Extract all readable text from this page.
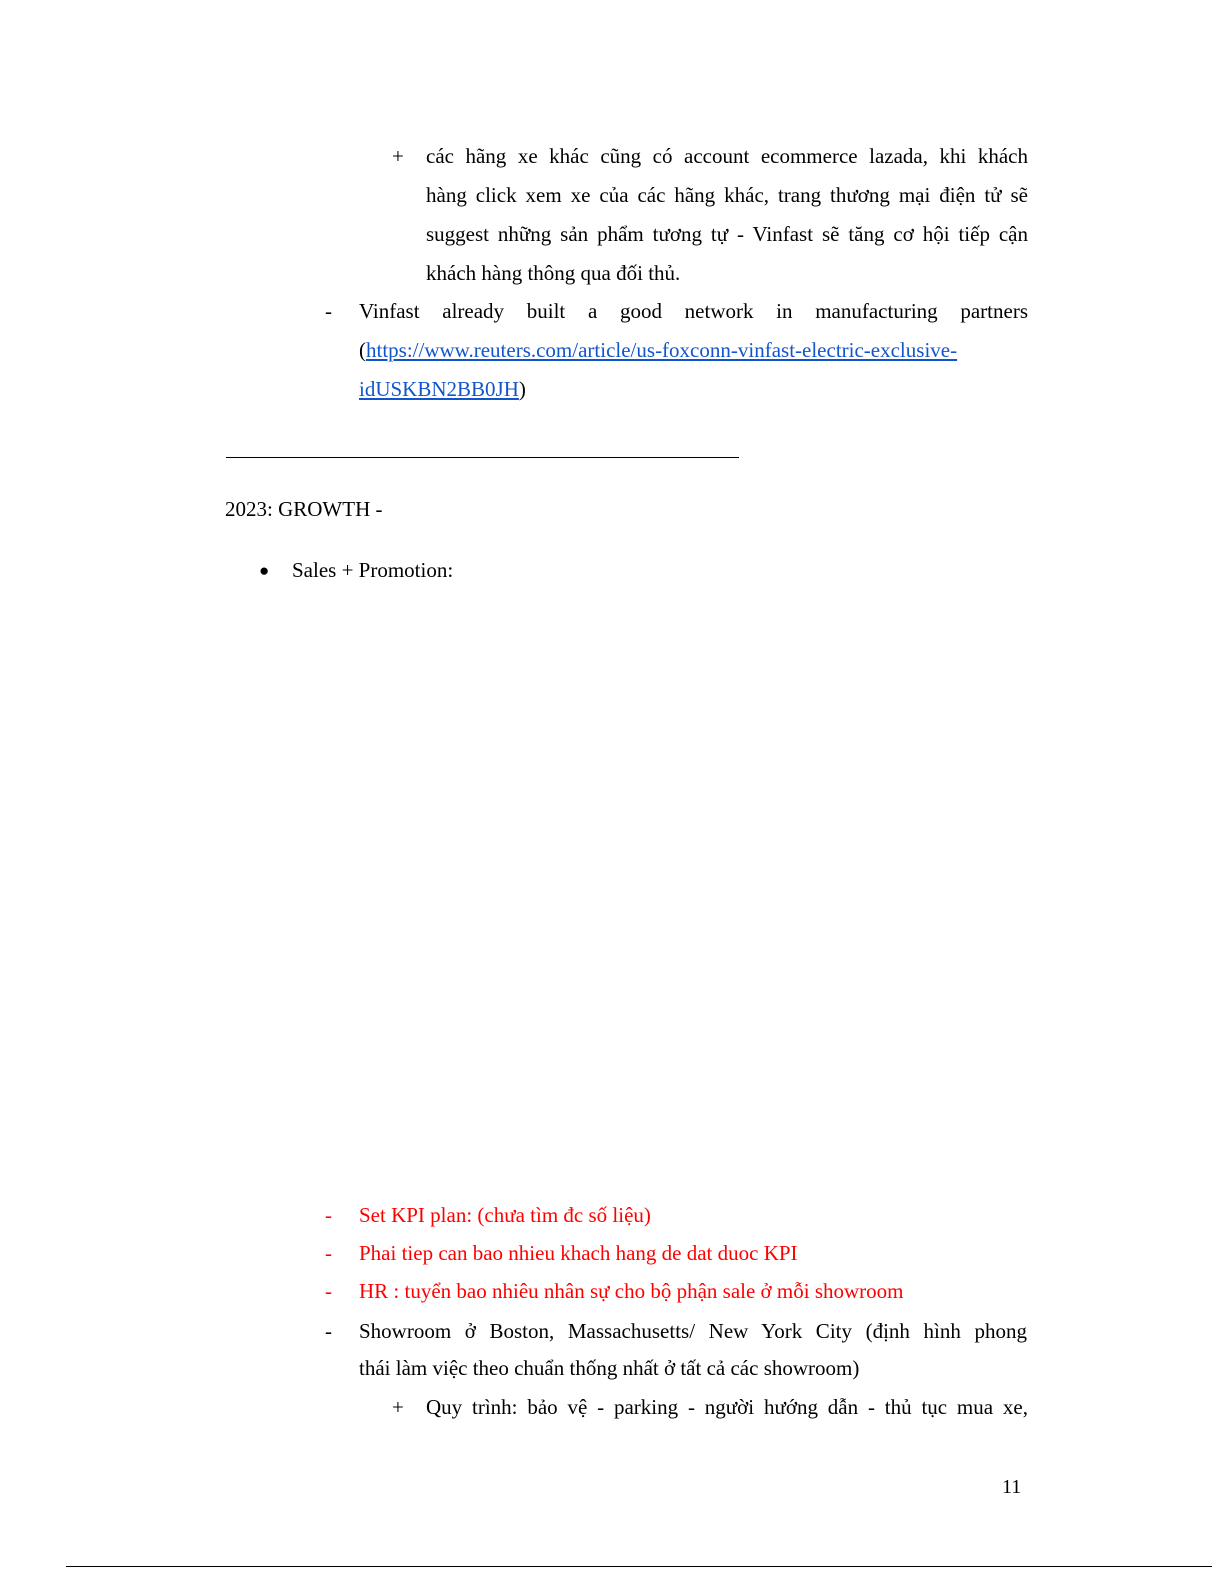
+ các hãng xe khác cũng có account ecommerce lazada, khi khách
hàng click xem xe của các hãng khác, trang thương mại điện tử sẽ
suggest những sản phẩm tương tự - Vinfast sẽ tăng cơ hội tiếp cận
khách hàng thông qua đối thủ.
- Vinfast already built a good network in manufacturing partners
(https://www.reuters.com/article/us-foxconn-vinfast-electric-exclusive-
idUSKBN2BB0JH)
2023: GROWTH -
● Sales + Promotion:
- Set KPI plan: (chưa tìm đc số liệu)
- Phai tiep can bao nhieu khach hang de dat duoc KPI
- HR : tuyển bao nhiêu nhân sự cho bộ phận sale ở mỗi showroom
- Showroom ở Boston, Massachusetts/ New York City (định hình phong
thái làm việc theo chuẩn thống nhất ở tất cả các showroom)
+ Quy trình: bảo vệ - parking - người hướng dẫn - thủ tục mua xe,
11
